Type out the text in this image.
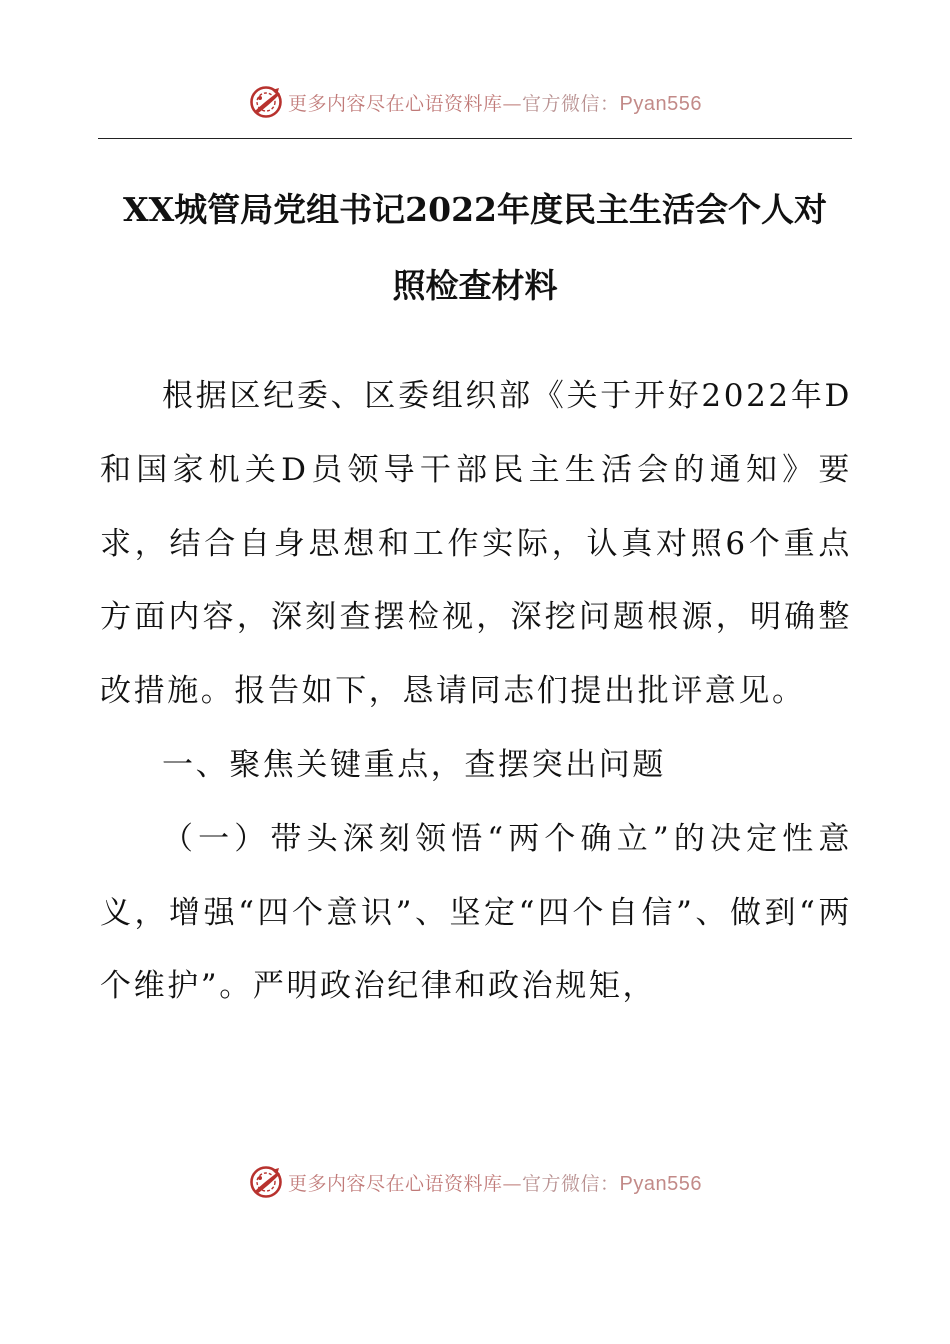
更多内容尽在心语资料库—官方微信：Pyan556
XX城管局党组书记2022年度民主生活会个人对
照检查材料

根据区纪委、区委组织部《关于开好2022年D和国家机关D员领导干部民主生活会的通知》要求，结合自身思想和工作实际，认真对照6个重点方面内容，深刻查摆检视，深挖问题根源，明确整改措施。报告如下，恳请同志们提出批评意见。

一、聚焦关键重点，查摆突出问题

（一）带头深刻领悟“两个确立”的决定性意义，增强“四个意识”、坚定“四个自信”、做到“两个维护”。严明政治纪律和政治规矩，

更多内容尽在心语资料库—官方微信：Pyan556
